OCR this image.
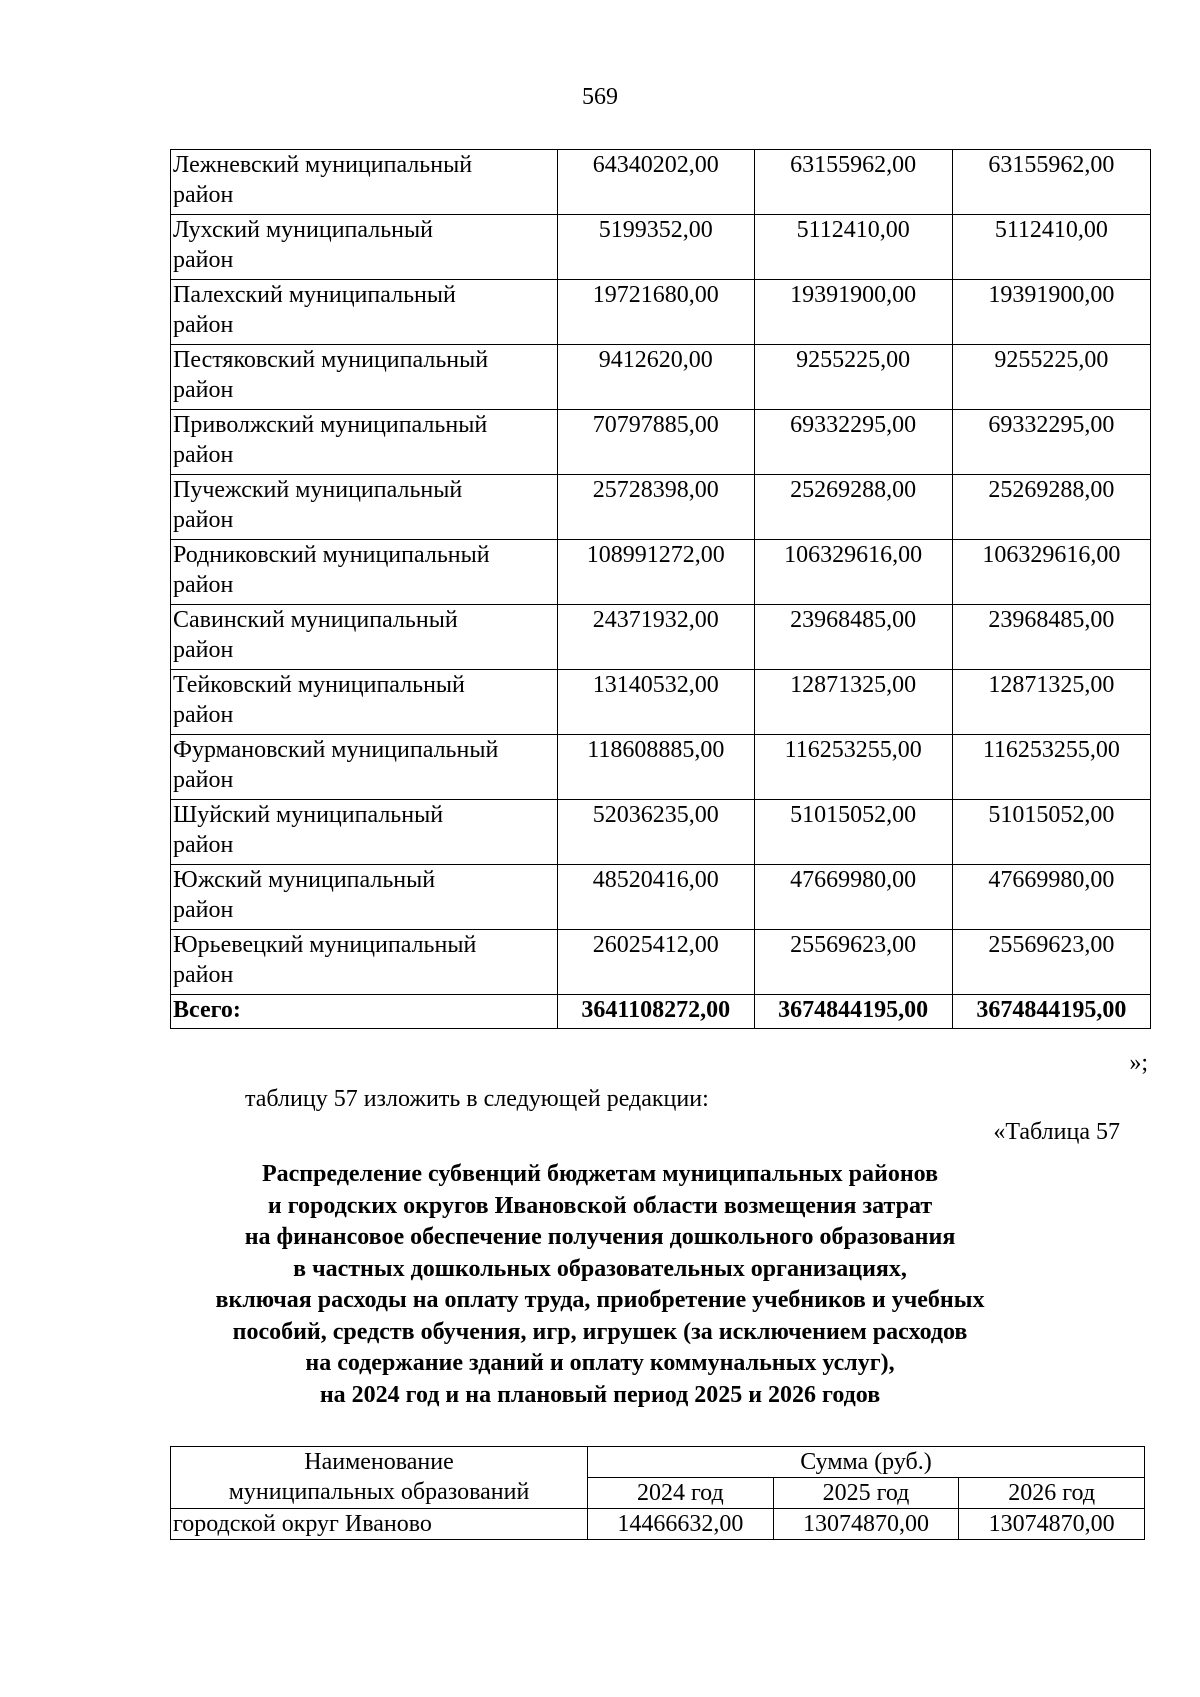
569
Лежневский муниципальный
район	64340202,00	63155962,00	63155962,00

Лухский муниципальный
район	5199352,00	5112410,00	5112410,00

Палехский муниципальный
район	19721680,00	19391900,00	19391900,00

Пестяковский муниципальный
район	9412620,00	9255225,00	9255225,00

Приволжский муниципальный
район	70797885,00	69332295,00	69332295,00

Пучежский муниципальный
район	25728398,00	25269288,00	25269288,00

Родниковский муниципальный
район	108991272,00	106329616,00	106329616,00

Савинский муниципальный
район	24371932,00	23968485,00	23968485,00

Тейковский муниципальный
район	13140532,00	12871325,00	12871325,00

Фурмановский муниципальный
район	118608885,00	116253255,00	116253255,00

Шуйский муниципальный
район	52036235,00	51015052,00	51015052,00

Южский муниципальный
район	48520416,00	47669980,00	47669980,00

Юрьевецкий муниципальный
район	26025412,00	25569623,00	25569623,00
Всего:	3641108272,00	3674844195,00	3674844195,00
»;
таблицу 57 изложить в следующей редакции:
«Таблица 57
Распределение субвенций бюджетам муниципальных районов
и городских округов Ивановской области возмещения затрат
на финансовое обеспечение получения дошкольного образования
в частных дошкольных образовательных организациях,
включая расходы на оплату труда, приобретение учебников и учебных
пособий, средств обучения, игр, игрушек (за исключением расходов
на содержание зданий и оплату коммунальных услуг),
на 2024 год и на плановый период 2025 и 2026 годов
Наименование
муниципальных образований	Сумма (руб.)		
	2024 год	2025 год	2026 год
городской округ Иваново	14466632,00	13074870,00	13074870,00
